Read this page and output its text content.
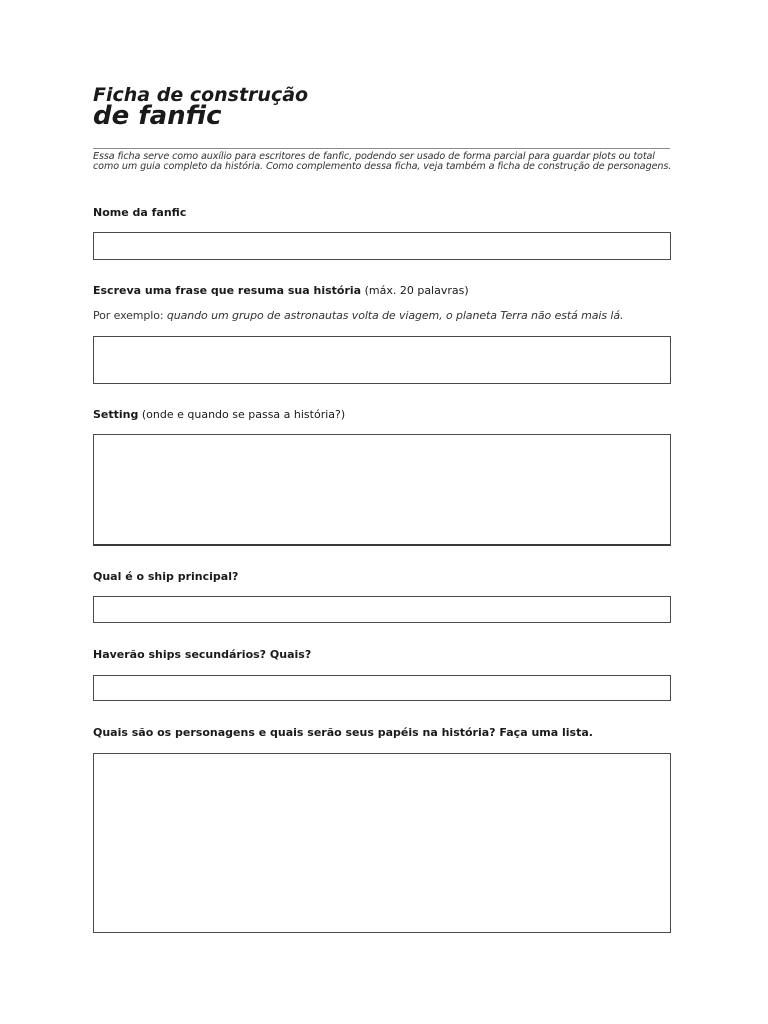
Ficha de construção
de fanfic
Essa ficha serve como auxílio para escritores de fanfic, podendo ser usado de forma parcial para guardar plots ou total como um guia completo da história. Como complemento dessa ficha, veja também a ficha de construção de personagens.
Nome da fanfic
Escreva uma frase que resuma sua história (máx. 20 palavras)
Por exemplo: quando um grupo de astronautas volta de viagem, o planeta Terra não está mais lá.
Setting (onde e quando se passa a história?)
Qual é o ship principal?
Haverão ships secundários? Quais?
Quais são os personagens e quais serão seus papéis na história? Faça uma lista.
